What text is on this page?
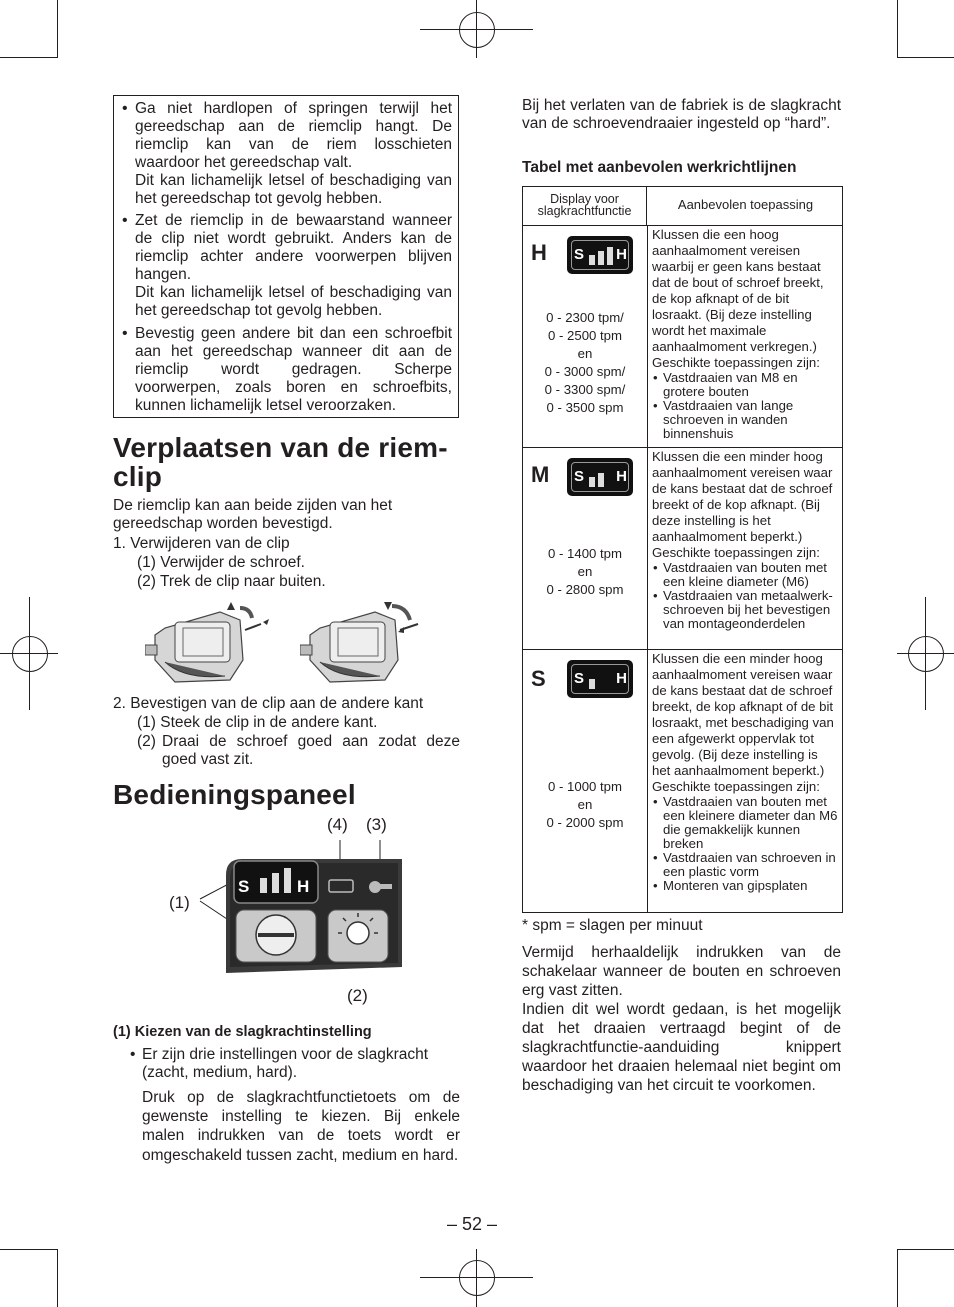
• Ga niet hardlopen of springen terwijl het gereedschap aan de riemclip hangt. De riemclip kan van de riem losschieten waardoor het gereedschap valt.

Dit kan lichamelijk letsel of beschadiging van het gereedschap tot gevolg hebben.

• Zet de riemclip in de bewaarstand wanneer de clip niet wordt gebruikt. Anders kan de riemclip achter andere voorwerpen blijven hangen.

Dit kan lichamelijk letsel of beschadiging van het gereedschap tot gevolg hebben.

• Bevestig geen andere bit dan een schroefbit aan het gereedschap wanneer dit aan de riemclip wordt gedragen. Scherpe voorwerpen, zoals boren en schroefbits, kunnen lichamelijk letsel veroorzaken.

Verplaatsen van de riem-
clip

De riemclip kan aan beide zijden van het gereedschap worden bevestigd.

1. Verwijderen van de clip

(1) Verwijder de schroef.

(2) Trek de clip naar buiten.

2. Bevestigen van de clip aan de andere kant

(1) Steek de clip in de andere kant.

(2) Draai de schroef goed aan zodat deze goed vast zit.

Bedieningspaneel
(4) (3)
(1)
(2)
S	H

(1) Kiezen van de slagkrachtinstelling

• Er zijn drie instellingen voor de slagkracht (zacht, medium, hard).

Druk op de slagkrachtfunctietoets om de gewenste instelling te kiezen. Bij enkele malen indrukken van de toets wordt er omgeschakeld tussen zacht, medium en hard.

Bij het verlaten van de fabriek is de slagkracht van de schroevendraaier ingesteld op “hard”.

Tabel met aanbevolen werkrichtlijnen

Display voor slagkrachtfunctie	Aanbevolen toepassing
H S H
0 - 2300 tpm/
0 - 2500 tpm
en
0 - 3000 spm/
0 - 3300 spm/
0 - 3500 spm
Klussen die een hoog aanhaalmoment vereisen waarbij er geen kans bestaat dat de bout of schroef breekt, de kop afknapt of de bit losraakt. (Bij deze instelling wordt het maximale aanhaalmoment verkregen.) Geschikte toepassingen zijn:
• Vastdraaien van M8 en grotere bouten
• Vastdraaien van lange schroeven in wanden binnenshuis
M S H
0 - 1400 tpm
en
0 - 2800 spm
Klussen die een minder hoog aanhaalmoment vereisen waar de kans bestaat dat de schroef breekt of de kop afknapt. (Bij deze instelling is het aanhaalmoment beperkt.) Geschikte toepassingen zijn:
• Vastdraaien van bouten met een kleine diameter (M6)
• Vastdraaien van metaalwerk-schroeven bij het bevestigen van montageonderdelen
S S H
0 - 1000 tpm
en
0 - 2000 spm
Klussen die een minder hoog aanhaalmoment vereisen waar de kans bestaat dat de schroef breekt, de kop afknapt of de bit losraakt, met beschadiging van een afgewerkt oppervlak tot gevolg. (Bij deze instelling is het aanhaalmoment beperkt.) Geschikte toepassingen zijn:
• Vastdraaien van bouten met een kleinere diameter dan M6 die gemakkelijk kunnen breken
• Vastdraaien van schroeven in een plastic vorm
• Monteren van gipsplaten

* spm = slagen per minuut

Vermijd herhaaldelijk indrukken van de schakelaar wanneer de bouten en schroeven erg vast zitten.

Indien dit wel wordt gedaan, is het mogelijk dat het draaien vertraagd begint of de slagkrachtfunctie-aanduiding knippert waardoor het draaien helemaal niet begint om beschadiging van het circuit te voorkomen.

– 52 –
